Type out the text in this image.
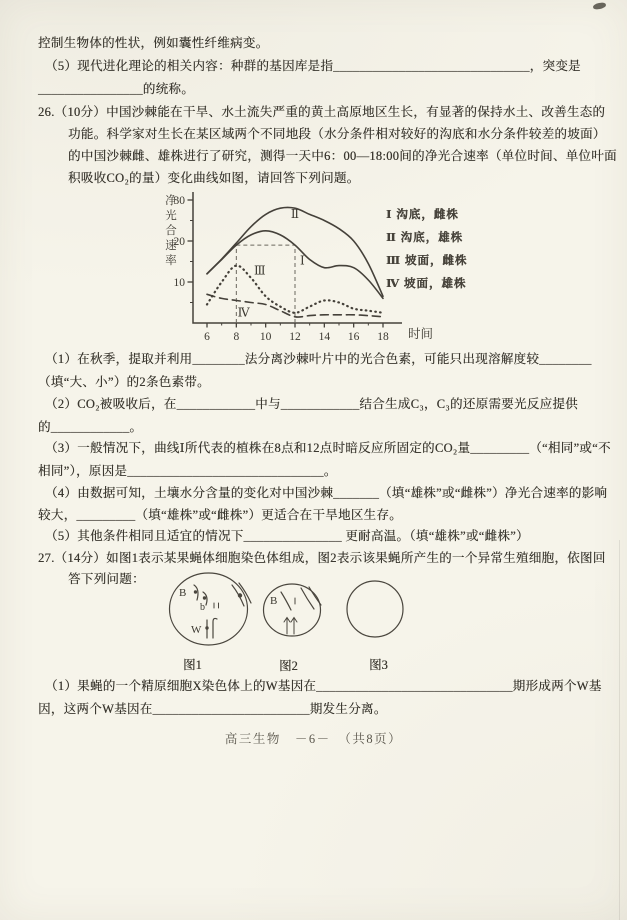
控制生物体的性状，例如囊性纤维病变。

（5）现代进化理论的相关内容：种群的基因库是指______________________________，突变是

________________的统称。

26.（10分）中国沙棘能在干旱、水土流失严重的黄土高原地区生长，有显著的保持水土、改善生态的

功能。科学家对生长在某区域两个不同地段（水分条件相对较好的沟底和水分条件较差的坡面）

的中国沙棘雌、雄株进行了研究，测得一天中6：00—18:00间的净光合速率（单位时间、单位叶面

积吸收CO₂的量）变化曲线如图，请回答下列问题。

10
20
30
6 8 10 12 14 16 18
净
光
合
速
率
时间
Ⅱ
Ⅰ
Ⅲ
Ⅳ
Ⅰ 沟底，雌株
Ⅱ 沟底，雄株
Ⅲ 坡面，雌株
Ⅳ 坡面，雄株

（1）在秋季，提取并利用________法分离沙棘叶片中的光合色素，可能只出现溶解度较________

（填“大、小”）的2条色素带。

（2）CO₂被吸收后，在____________中与____________结合生成C₃，C₃的还原需要光反应提供

的____________。

（3）一般情况下，曲线Ⅰ所代表的植株在8点和12点时暗反应所固定的CO₂量_________（“相同”或“不

相同”），原因是______________________________。

（4）由数据可知，土壤水分含量的变化对中国沙棘_______（填“雄株”或“雌株”）净光合速率的影响

较大，_________（填“雄株”或“雌株”）更适合在干旱地区生存。

（5）其他条件相同且适宜的情况下_______________ 更耐高温。（填“雄株”或“雌株”）

27.（14分）如图1表示某果蝇体细胞染色体组成，图2表示该果蝇所产生的一个异常生殖细胞，依图回

答下列问题：

B
b
W
B
图1	图2	图3

（1）果蝇的一个精原细胞X染色体上的W基因在______________________________期形成两个W基

因，这两个W基因在________________________期发生分离。

高三生物　－6－　（共8页）
